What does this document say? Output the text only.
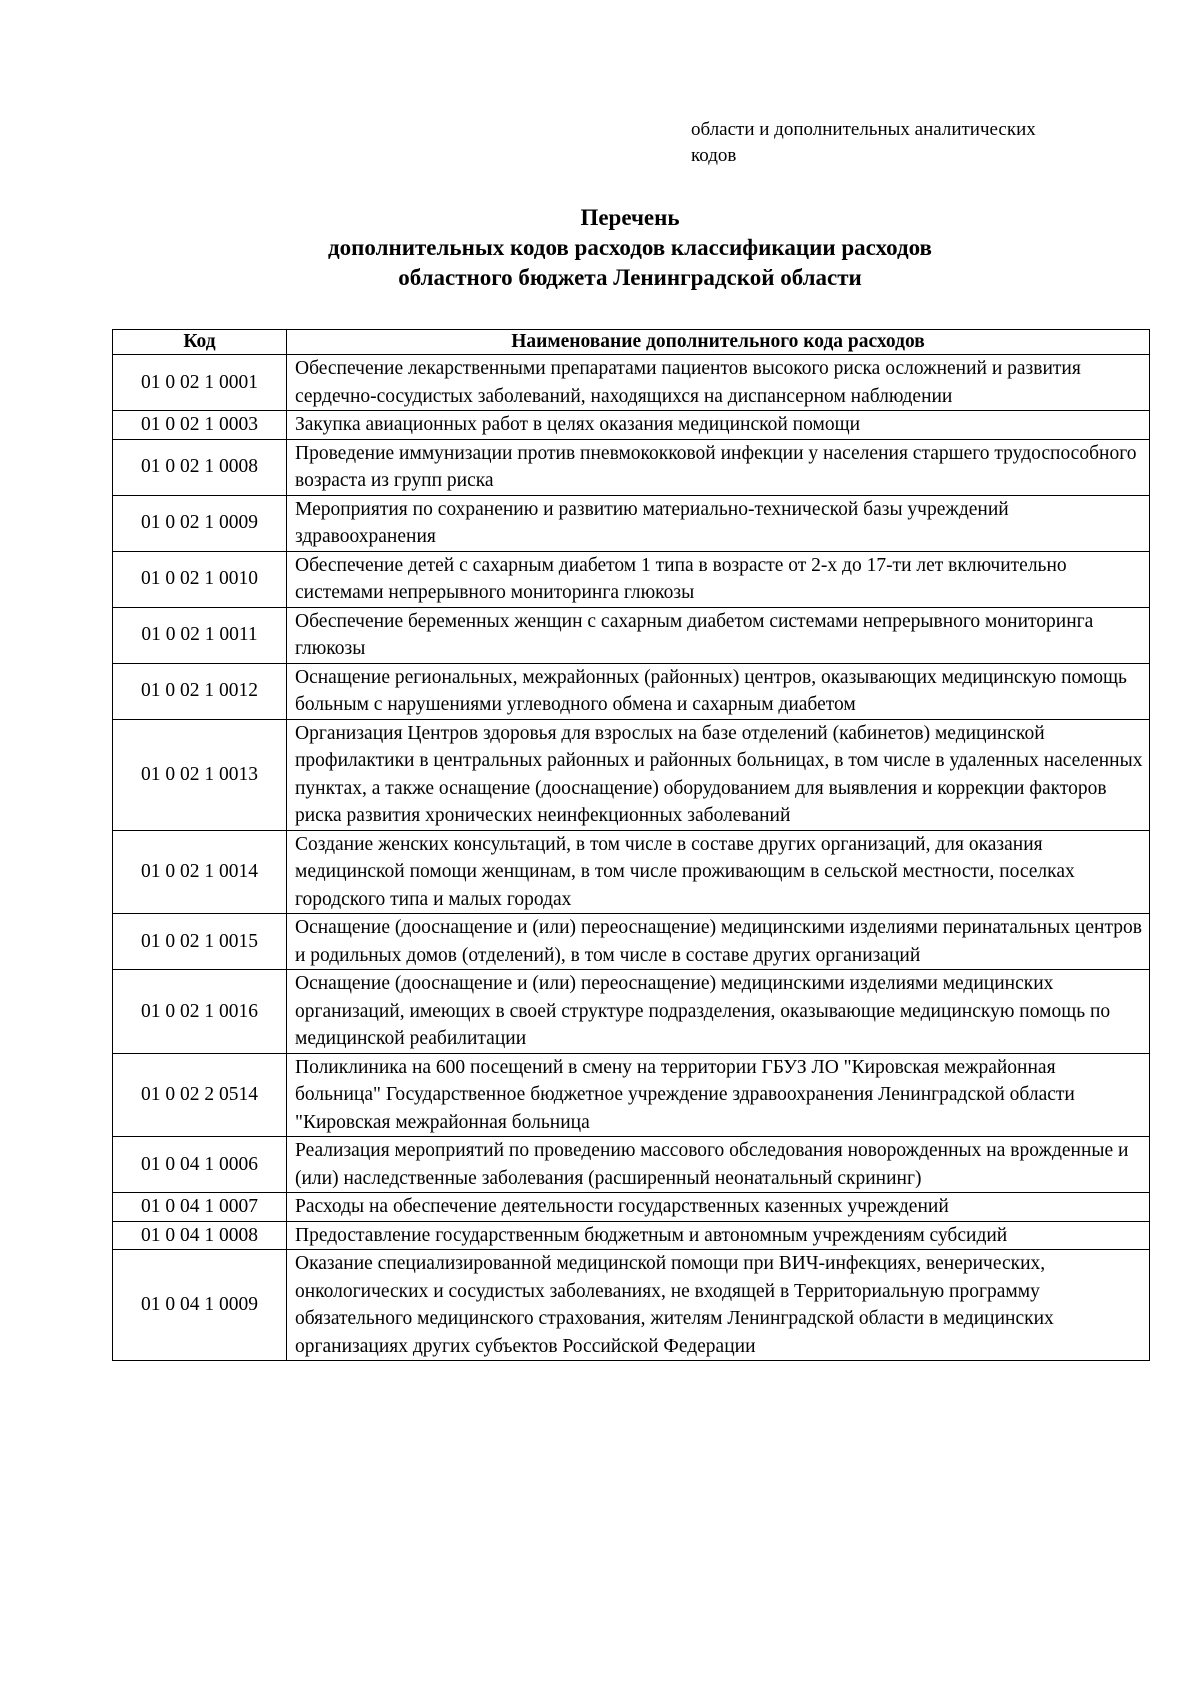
области и дополнительных аналитических
кодов
Перечень
дополнительных кодов расходов классификации расходов
областного бюджета Ленинградской области
Код	Наименование дополнительного кода расходов
01 0 02 1 0001	Обеспечение лекарственными препаратами пациентов высокого риска осложнений и развития сердечно-сосудистых заболеваний, находящихся на диспансерном наблюдении
01 0 02 1 0003	Закупка авиационных работ в целях оказания медицинской помощи
01 0 02 1 0008	Проведение иммунизации против пневмококковой инфекции у населения старшего трудоспособного возраста из групп риска
01 0 02 1 0009	Мероприятия по сохранению и развитию материально-технической базы учреждений здравоохранения
01 0 02 1 0010	Обеспечение детей с сахарным диабетом 1 типа в возрасте от 2-х до 17-ти лет включительно системами непрерывного мониторинга глюкозы
01 0 02 1 0011	Обеспечение беременных женщин с сахарным диабетом системами непрерывного мониторинга глюкозы
01 0 02 1 0012	Оснащение региональных, межрайонных (районных) центров, оказывающих медицинскую помощь больным с нарушениями углеводного обмена и сахарным диабетом
01 0 02 1 0013	Организация Центров здоровья для взрослых на базе отделений (кабинетов) медицинской профилактики в центральных районных и районных больницах, в том числе в удаленных населенных пунктах, а также оснащение (дооснащение) оборудованием для выявления и коррекции факторов риска развития хронических неинфекционных заболеваний
01 0 02 1 0014	Создание женских консультаций, в том числе в составе других организаций, для оказания медицинской помощи женщинам, в том числе проживающим в сельской местности, поселках городского типа и малых городах
01 0 02 1 0015	Оснащение (дооснащение и (или) переоснащение) медицинскими изделиями перинатальных центров и родильных домов (отделений), в том числе в составе других организаций
01 0 02 1 0016	Оснащение (дооснащение и (или) переоснащение) медицинскими изделиями медицинских организаций, имеющих в своей структуре подразделения, оказывающие медицинскую помощь по медицинской реабилитации
01 0 02 2 0514	Поликлиника на 600 посещений в смену на территории ГБУЗ ЛО "Кировская межрайонная больница" Государственное бюджетное учреждение здравоохранения Ленинградской области "Кировская межрайонная больница
01 0 04 1 0006	Реализация мероприятий по проведению массового обследования новорожденных на врожденные и (или) наследственные заболевания (расширенный неонатальный скрининг)
01 0 04 1 0007	Расходы на обеспечение деятельности государственных казенных учреждений
01 0 04 1 0008	Предоставление государственным бюджетным и автономным учреждениям субсидий
01 0 04 1 0009	Оказание специализированной медицинской помощи при ВИЧ-инфекциях, венерических, онкологических и сосудистых заболеваниях, не входящей в Территориальную программу обязательного медицинского страхования, жителям Ленинградской области в медицинских организациях других субъектов Российской Федерации
